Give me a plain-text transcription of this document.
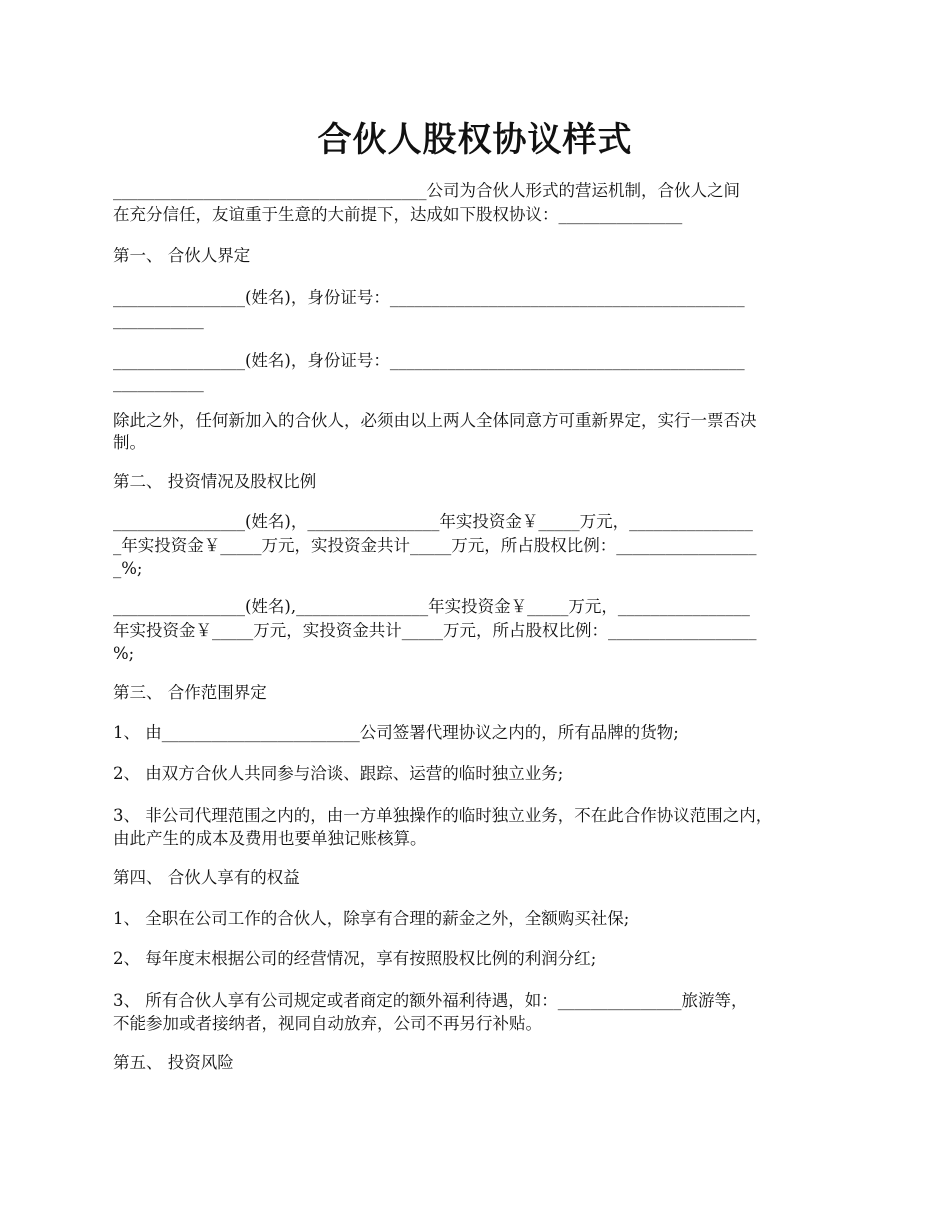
合伙人股权协议样式
______________________________________公司为合伙人形式的营运机制，合伙人之间
在充分信任，友谊重于生意的大前提下，达成如下股权协议：_______________
第一、 合伙人界定
________________(姓名)，身份证号：___________________________________________
___________
________________(姓名)，身份证号：___________________________________________
___________
除此之外，任何新加入的合伙人，必须由以上两人全体同意方可重新界定，实行一票否决
制。
第二、 投资情况及股权比例
________________(姓名)，________________年实投资金￥_____万元，_______________
_年实投资金￥_____万元，实投资金共计_____万元，所占股权比例：_________________
_%;
________________(姓名),________________年实投资金￥_____万元，________________
年实投资金￥_____万元，实投资金共计_____万元，所占股权比例：__________________
%;
第三、 合作范围界定
1、 由________________________公司签署代理协议之内的，所有品牌的货物;
2、 由双方合伙人共同参与洽谈、跟踪、运营的临时独立业务;
3、 非公司代理范围之内的，由一方单独操作的临时独立业务，不在此合作协议范围之内，
由此产生的成本及费用也要单独记账核算。
第四、 合伙人享有的权益
1、 全职在公司工作的合伙人，除享有合理的薪金之外，全额购买社保;
2、 每年度末根据公司的经营情况，享有按照股权比例的利润分红;
3、 所有合伙人享有公司规定或者商定的额外福利待遇，如：_______________旅游等，
不能参加或者接纳者，视同自动放弃，公司不再另行补贴。
第五、 投资风险
